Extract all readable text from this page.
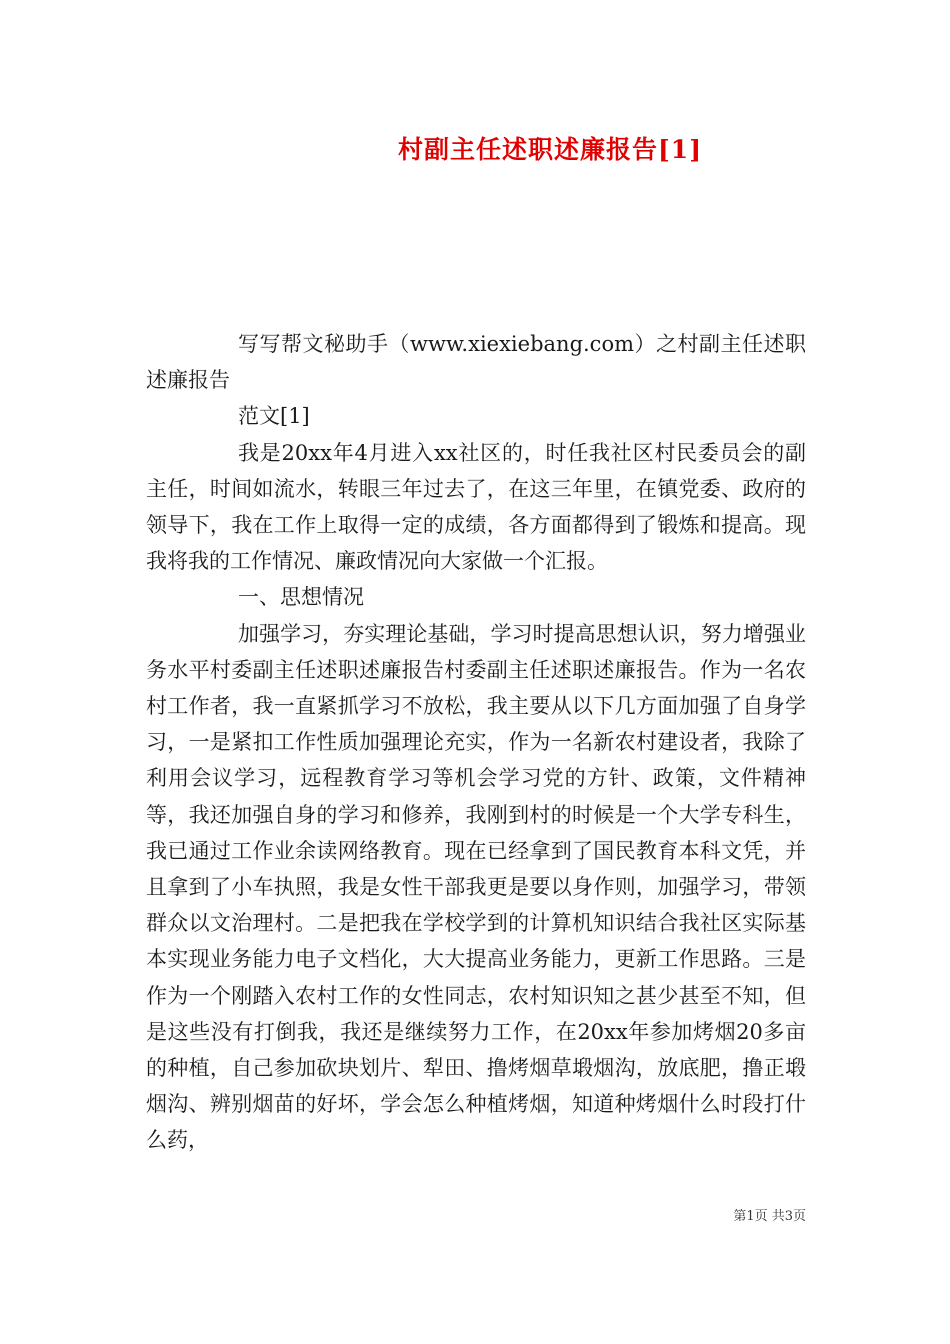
村副主任述职述廉报告[1]

写写帮文秘助手（www.xiexiebang.com）之村副主任述职述廉报告

范文[1]

我是20xx年4月进入xx社区的，时任我社区村民委员会的副主任，时间如流水，转眼三年过去了，在这三年里，在镇党委、政府的领导下，我在工作上取得一定的成绩，各方面都得到了锻炼和提高。现我将我的工作情况、廉政情况向大家做一个汇报。

一、思想情况

加强学习，夯实理论基础，学习时提高思想认识，努力增强业务水平村委副主任述职述廉报告村委副主任述职述廉报告。作为一名农村工作者，我一直紧抓学习不放松，我主要从以下几方面加强了自身学习，一是紧扣工作性质加强理论充实，作为一名新农村建设者，我除了利用会议学习，远程教育学习等机会学习党的方针、政策，文件精神等，我还加强自身的学习和修养，我刚到村的时候是一个大学专科生，我已通过工作业余读网络教育。现在已经拿到了国民教育本科文凭，并且拿到了小车执照，我是女性干部我更是要以身作则，加强学习，带领群众以文治理村。二是把我在学校学到的计算机知识结合我社区实际基本实现业务能力电子文档化，大大提高业务能力，更新工作思路。三是作为一个刚踏入农村工作的女性同志，农村知识知之甚少甚至不知，但是这些没有打倒我，我还是继续努力工作，在20xx年参加烤烟20多亩的种植，自己参加砍块划片、犁田、撸烤烟草塅烟沟，放底肥，撸正塅烟沟、辨别烟苗的好坏，学会怎么种植烤烟，知道种烤烟什么时段打什么药，

第1页 共3页
